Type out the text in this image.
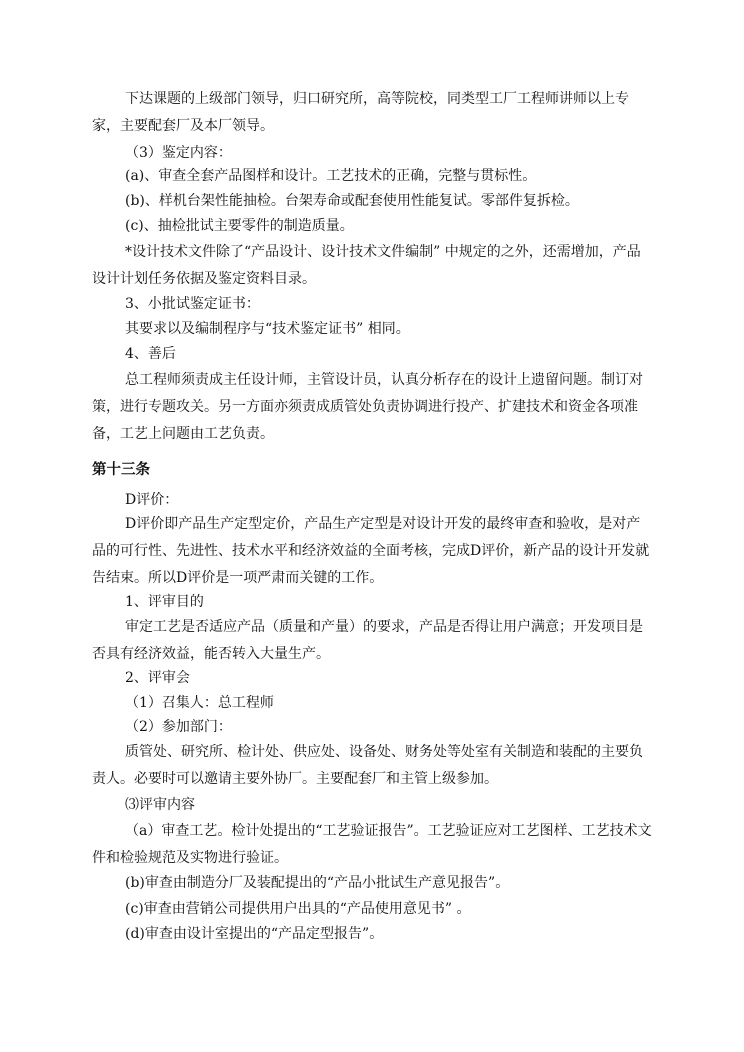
下达课题的上级部门领导，归口研究所，高等院校，同类型工厂工程师讲师以上专家，主要配套厂及本厂领导。

（3）鉴定内容：

(a)、审查全套产品图样和设计。工艺技术的正确，完整与贯标性。

(b)、样机台架性能抽检。台架寿命或配套使用性能复试。零部件复拆检。

(c)、抽检批试主要零件的制造质量。

*设计技术文件除了“产品设计、设计技术文件编制” 中规定的之外，还需增加，产品设计计划任务依据及鉴定资料目录。

3、小批试鉴定证书：

其要求以及编制程序与“技术鉴定证书” 相同。

4、善后

总工程师须责成主任设计师，主管设计员，认真分析存在的设计上遗留问题。制订对策，进行专题攻关。另一方面亦须责成质管处负责协调进行投产、扩建技术和资金各项准备，工艺上问题由工艺负责。

第十三条

D评价：

D评价即产品生产定型定价，产品生产定型是对设计开发的最终审查和验收，是对产品的可行性、先进性、技术水平和经济效益的全面考核，完成D评价，新产品的设计开发就告结束。所以D评价是一项严肃而关键的工作。

1、评审目的

审定工艺是否适应产品（质量和产量）的要求，产品是否得让用户满意；开发项目是否具有经济效益，能否转入大量生产。

2、评审会

（1）召集人：总工程师

（2）参加部门：

质管处、研究所、检计处、供应处、设备处、财务处等处室有关制造和装配的主要负责人。必要时可以邀请主要外协厂。主要配套厂和主管上级参加。

⑶评审内容

（a）审查工艺。检计处提出的“工艺验证报告”。工艺验证应对工艺图样、工艺技术文件和检验规范及实物进行验证。

(b)审查由制造分厂及装配提出的“产品小批试生产意见报告”。

(c)审查由营销公司提供用户出具的“产品使用意见书” 。

(d)审查由设计室提出的“产品定型报告”。
